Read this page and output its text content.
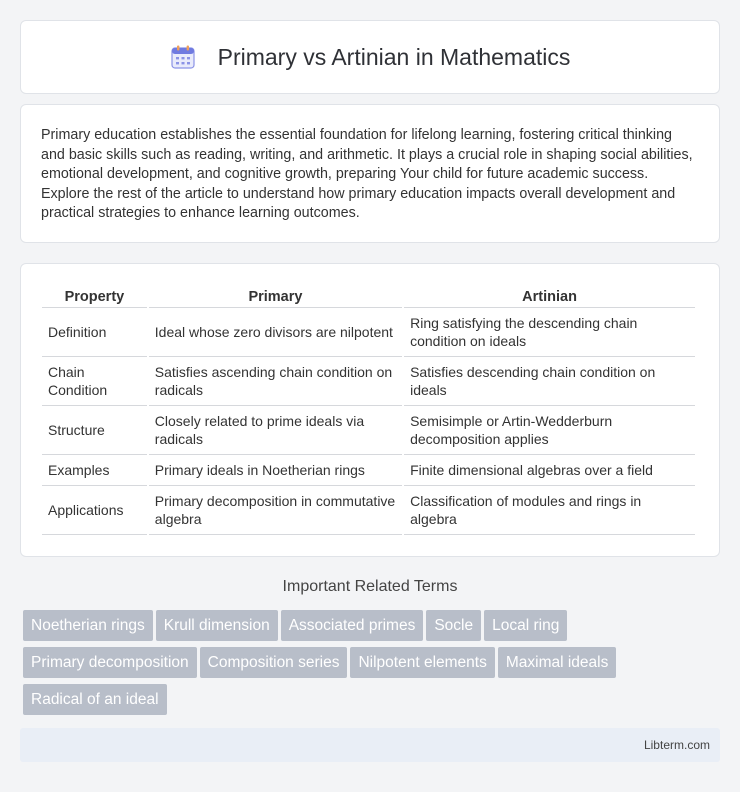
Primary vs Artinian in Mathematics

Primary education establishes the essential foundation for lifelong learning, fostering critical thinking and basic skills such as reading, writing, and arithmetic. It plays a crucial role in shaping social abilities, emotional development, and cognitive growth, preparing Your child for future academic success. Explore the rest of the article to understand how primary education impacts overall development and practical strategies to enhance learning outcomes.

Property	Primary	Artinian
Definition	Ideal whose zero divisors are nilpotent	Ring satisfying the descending chain condition on ideals
Chain Condition	Satisfies ascending chain condition on radicals	Satisfies descending chain condition on ideals
Structure	Closely related to prime ideals via radicals	Semisimple or Artin-Wedderburn decomposition applies
Examples	Primary ideals in Noetherian rings	Finite dimensional algebras over a field
Applications	Primary decomposition in commutative algebra	Classification of modules and rings in algebra
Important Related Terms
Noetherian rings Krull dimension Associated primes Socle Local ring
Primary decomposition Composition series Nilpotent elements Maximal ideals
Radical of an ideal
Libterm.com
